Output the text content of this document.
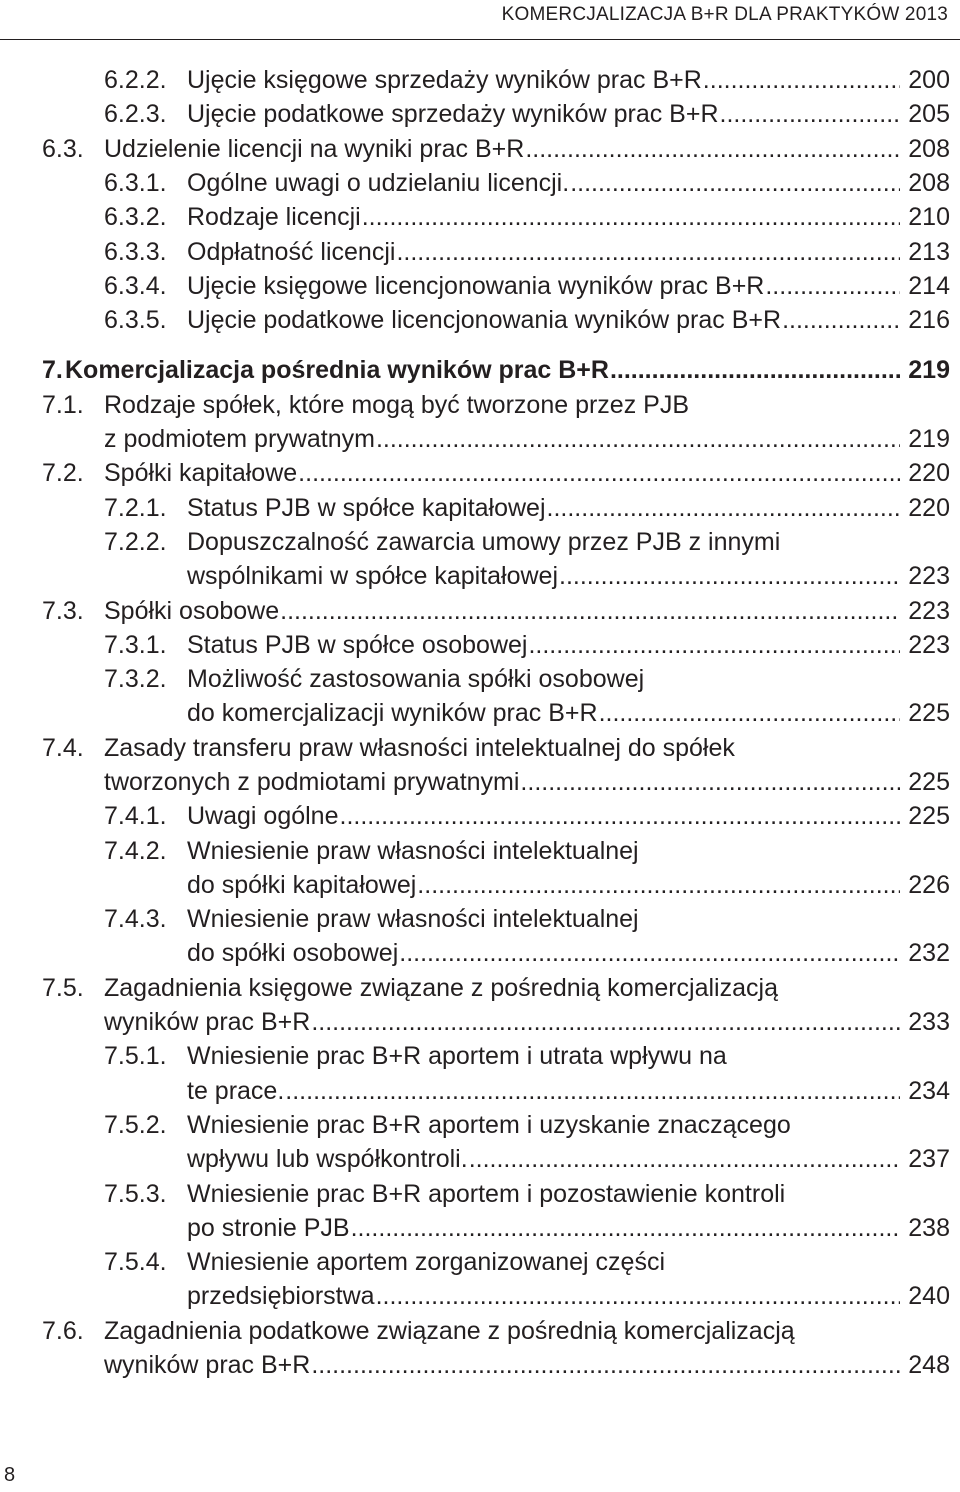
KOMERCJALIZACJA B+R DLA PRAKTYKÓW 2013
6.2.2. Ujęcie księgowe sprzedaży wyników prac B+R .....	200
6.2.3. Ujęcie podatkowe sprzedaży wyników prac B+R .....	205
6.3. Udzielenie licencji na wyniki prac B+R .....	208
6.3.1. Ogólne uwagi o udzielaniu licencji. .....	208
6.3.2. Rodzaje licencji .....	210
6.3.3. Odpłatność licencji .....	213
6.3.4. Ujęcie księgowe licencjonowania wyników prac B+R .....	214
6.3.5. Ujęcie podatkowe licencjonowania wyników prac B+R .....	216
7. Komercjalizacja pośrednia wyników prac B+R .....	219
7.1. Rodzaje spółek, które mogą być tworzone przez PJB
z podmiotem prywatnym .....	219
7.2. Spółki kapitałowe .....	220
7.2.1. Status PJB w spółce kapitałowej .....	220
7.2.2. Dopuszczalność zawarcia umowy przez PJB z innymi
wspólnikami w spółce kapitałowej .....	223
7.3. Spółki osobowe .....	223
7.3.1. Status PJB w spółce osobowej .....	223
7.3.2. Możliwość zastosowania spółki osobowej
do komercjalizacji wyników prac B+R .....	225
7.4. Zasady transferu praw własności intelektualnej do spółek
tworzonych z podmiotami prywatnymi .....	225
7.4.1. Uwagi ogólne .....	225
7.4.2. Wniesienie praw własności intelektualnej
do spółki kapitałowej .....	226
7.4.3. Wniesienie praw własności intelektualnej
do spółki osobowej .....	232
7.5. Zagadnienia księgowe związane z pośrednią komercjalizacją
wyników prac B+R .....	233
7.5.1. Wniesienie prac B+R aportem i utrata wpływu na
te prace. .....	234
7.5.2. Wniesienie prac B+R aportem i uzyskanie znaczącego
wpływu lub współkontroli. .....	237
7.5.3. Wniesienie prac B+R aportem i pozostawienie kontroli
po stronie PJB .....	238
7.5.4. Wniesienie aportem zorganizowanej części
przedsiębiorstwa .....	240
7.6. Zagadnienia podatkowe związane z pośrednią komercjalizacją
wyników prac B+R .....	248
8
